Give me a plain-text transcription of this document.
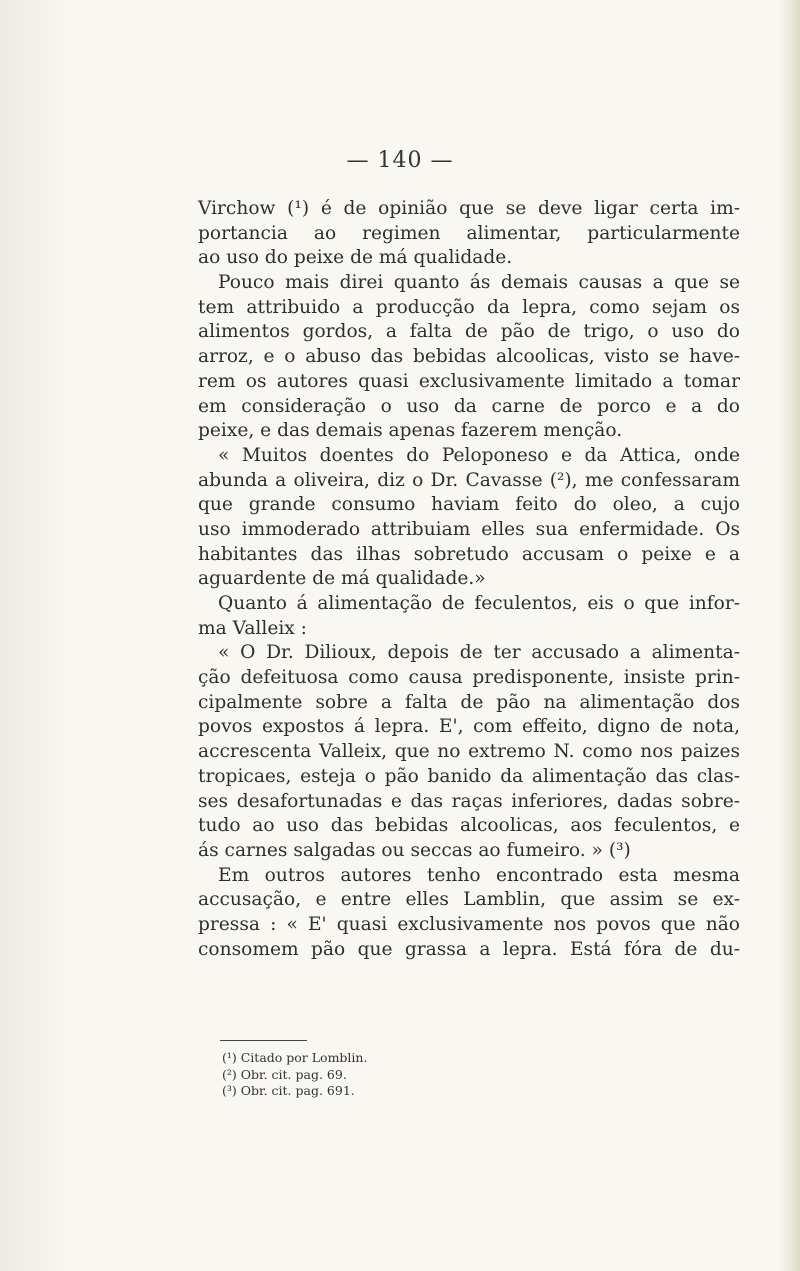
— 140 —
Virchow (¹) é de opinião que se deve ligar certa im-
portancia ao regimen alimentar, particularmente
ao uso do peixe de má qualidade.
Pouco mais direi quanto ás demais causas a que se
tem attribuido a producção da lepra, como sejam os
alimentos gordos, a falta de pão de trigo, o uso do
arroz, e o abuso das bebidas alcoolicas, visto se have-
rem os autores quasi exclusivamente limitado a tomar
em consideração o uso da carne de porco e a do
peixe, e das demais apenas fazerem menção.
« Muitos doentes do Peloponeso e da Attica, onde
abunda a oliveira, diz o Dr. Cavasse (²), me confessaram
que grande consumo haviam feito do oleo, a cujo
uso immoderado attribuiam elles sua enfermidade. Os
habitantes das ilhas sobretudo accusam o peixe e a
aguardente de má qualidade.»
Quanto á alimentação de feculentos, eis o que infor-
ma Valleix :
« O Dr. Dilioux, depois de ter accusado a alimenta-
ção defeituosa como causa predisponente, insiste prin-
cipalmente sobre a falta de pão na alimentação dos
povos expostos á lepra. E', com effeito, digno de nota,
accrescenta Valleix, que no extremo N. como nos paizes
tropicaes, esteja o pão banido da alimentação das clas-
ses desafortunadas e das raças inferiores, dadas sobre-
tudo ao uso das bebidas alcoolicas, aos feculentos, e
ás carnes salgadas ou seccas ao fumeiro. » (³)
Em outros autores tenho encontrado esta mesma
accusação, e entre elles Lamblin, que assim se ex-
pressa : « E' quasi exclusivamente nos povos que não
consomem pão que grassa a lepra. Está fóra de du-
(¹) Citado por Lomblin.
(²) Obr. cit. pag. 69.
(³) Obr. cit. pag. 691.
